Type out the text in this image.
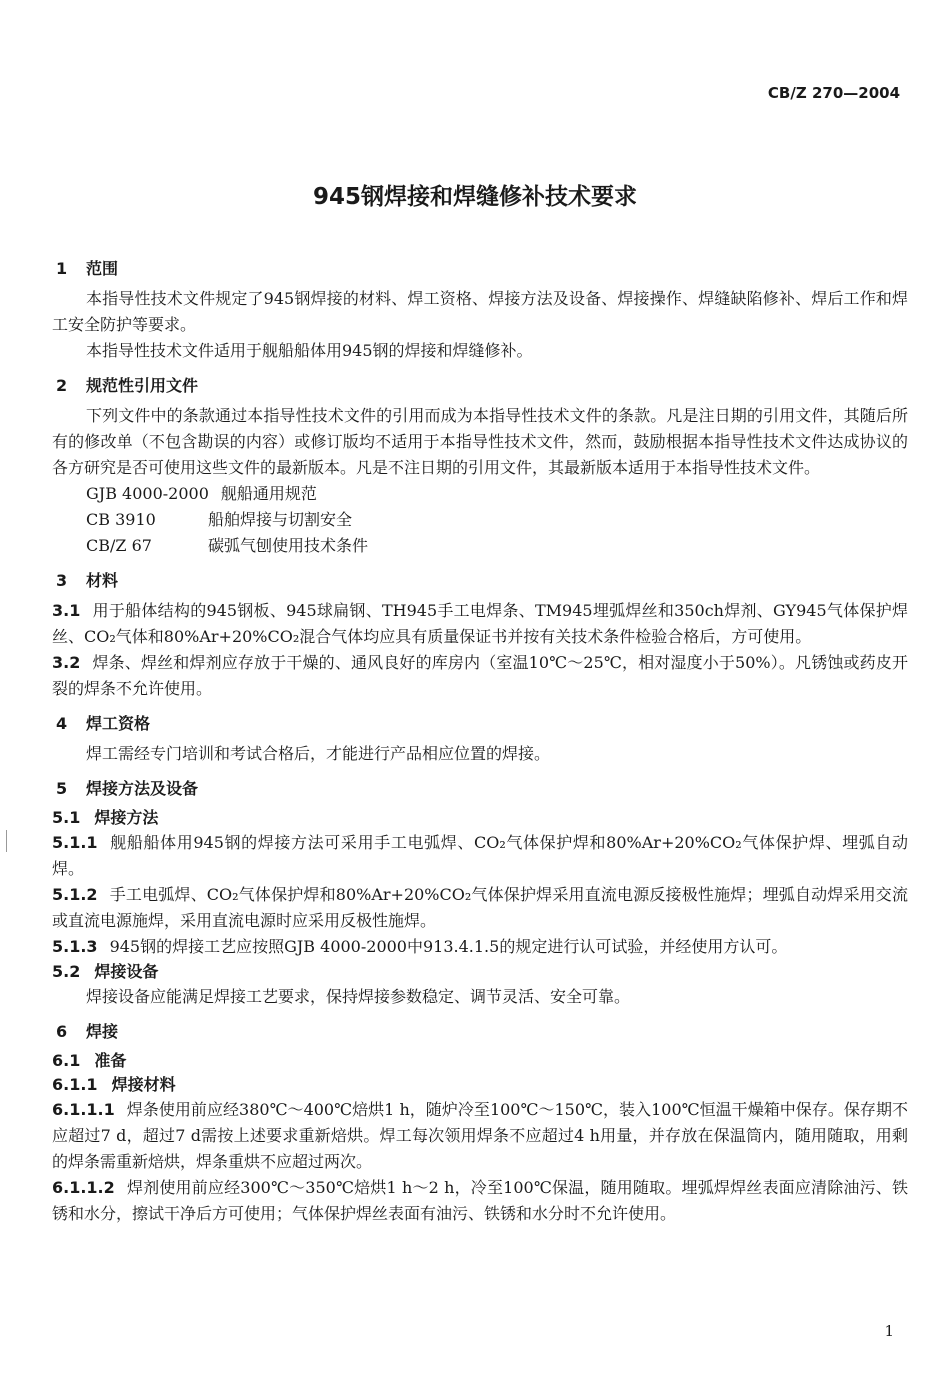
CB/Z 270—2004
945钢焊接和焊缝修补技术要求
1 范围
本指导性技术文件规定了945钢焊接的材料、焊工资格、焊接方法及设备、焊接操作、焊缝缺陷修补、焊后工作和焊工安全防护等要求。
本指导性技术文件适用于舰船船体用945钢的焊接和焊缝修补。
2 规范性引用文件
下列文件中的条款通过本指导性技术文件的引用而成为本指导性技术文件的条款。凡是注日期的引用文件，其随后所有的修改单（不包含勘误的内容）或修订版均不适用于本指导性技术文件，然而，鼓励根据本指导性技术文件达成协议的各方研究是否可使用这些文件的最新版本。凡是不注日期的引用文件，其最新版本适用于本指导性技术文件。
GJB 4000-2000 舰船通用规范
CB 3910	船舶焊接与切割安全
CB/Z 67	碳弧气刨使用技术条件
3 材料
3.1 用于船体结构的945钢板、945球扁钢、TH945手工电焊条、TM945埋弧焊丝和350ch焊剂、GY945气体保护焊丝、CO₂气体和80%Ar+20%CO₂混合气体均应具有质量保证书并按有关技术条件检验合格后，方可使用。
3.2 焊条、焊丝和焊剂应存放于干燥的、通风良好的库房内（室温10℃～25℃，相对湿度小于50%）。凡锈蚀或药皮开裂的焊条不允许使用。
4 焊工资格
焊工需经专门培训和考试合格后，才能进行产品相应位置的焊接。
5 焊接方法及设备
5.1 焊接方法
5.1.1 舰船船体用945钢的焊接方法可采用手工电弧焊、CO₂气体保护焊和80%Ar+20%CO₂气体保护焊、埋弧自动焊。
5.1.2 手工电弧焊、CO₂气体保护焊和80%Ar+20%CO₂气体保护焊采用直流电源反接极性施焊；埋弧自动焊采用交流或直流电源施焊，采用直流电源时应采用反极性施焊。
5.1.3 945钢的焊接工艺应按照GJB 4000-2000中913.4.1.5的规定进行认可试验，并经使用方认可。
5.2 焊接设备
焊接设备应能满足焊接工艺要求，保持焊接参数稳定、调节灵活、安全可靠。
6 焊接
6.1 准备
6.1.1 焊接材料
6.1.1.1 焊条使用前应经380℃～400℃焙烘1 h，随炉冷至100℃～150℃，装入100℃恒温干燥箱中保存。保存期不应超过7 d，超过7 d需按上述要求重新焙烘。焊工每次领用焊条不应超过4 h用量，并存放在保温筒内，随用随取，用剩的焊条需重新焙烘，焊条重烘不应超过两次。
6.1.1.2 焊剂使用前应经300℃～350℃焙烘1 h～2 h，冷至100℃保温，随用随取。埋弧焊焊丝表面应清除油污、铁锈和水分，擦试干净后方可使用；气体保护焊丝表面有油污、铁锈和水分时不允许使用。
1
